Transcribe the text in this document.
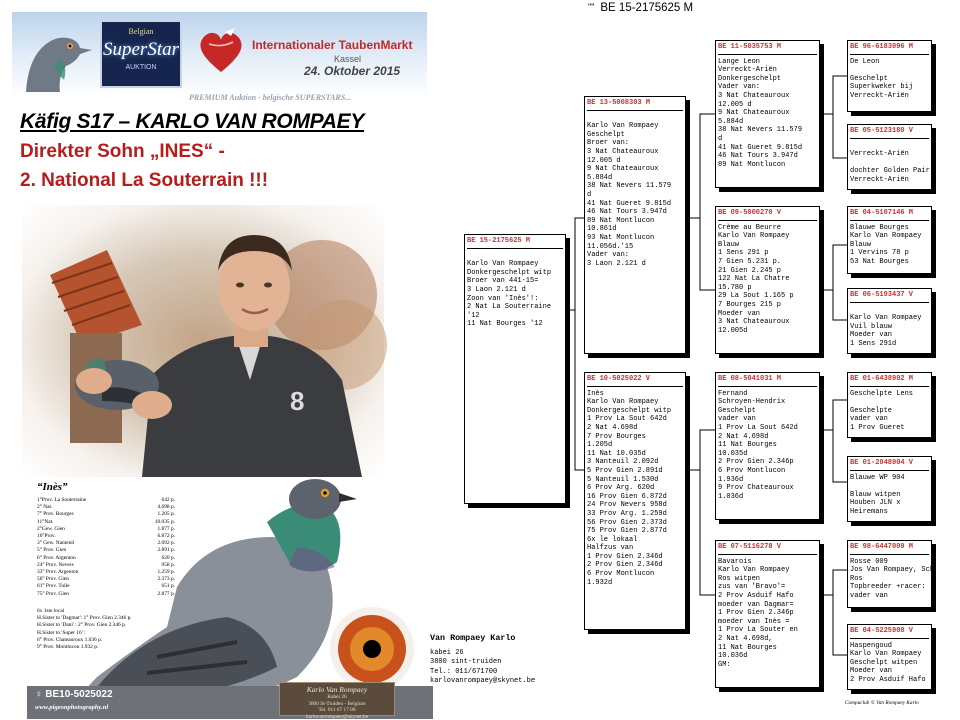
Belgian
SuperStar
AUKTION
Internationaler TaubenMarkt
Kassel
24. Oktober 2015
PREMIUM Auktion - belgische SUPERSTARS...
Käfig S17 – KARLO VAN ROMPAEY
Direkter Sohn „INES“ -
2. National La Souterrain !!!
8
“Inès”
1°Prov. La Souterraine	642 p.
2° Nat.	4.698 p.
7° Prov. Bourges	1.205 p.
11°Nat.	10.035 p.
2°Gew. Gien	1.877 p.
16°Prov.	6.872 p.
3° Gew. Nanteuil	2.092 p.
5° Prov. Gien	2.891 p.
6° Prov. Argenton	620 p.
24° Prov. Nevers	958 p.
33° Prov. Argenton	1.259 p.
56° Prov. Gien	2.373 p.
61° Prov. Tulle	651 p.
75° Prov. Gien	2.877 p.
6x 1ste local
H.Sister to 'Dagmar': 1° Prov. Gien 2.346 p.
H.Sister to 'Dani' : 2° Prov. Gien 2.346 p.
H.Sister to 'Super 16' :
6° Prov. Chateauroux 1.036 p.
9° Prov. Montlucon 1.932 p.
♀ BE10-5025022
www.pigeonphotography.nl
Karlo Van Rompaey
Kabei 26
3800 St-Truiden - Belgium
Tel. 011 67 17 00
karlovanrompaey@skynet.be
"" BE 15-2175625 M
BE 15-2175625 M
Karlo Van Rompaey
Donkergeschelpt witp
Broer van 441-15=
3 Laon 2.121 d
Zoon van 'Inès'!:
2 Nat La Souterraine
'12
11 Nat Bourges '12
BE 13-5008303 M
Karlo Van Rompaey
Geschelpt
Broer van:
3 Nat Chateauroux
12.005 d
9 Nat Chateauroux
5.884d
38 Nat Nevers 11.579
d
41 Nat Gueret 9.815d
46 Nat Tours 3.947d
89 Nat Montlucon
10.861d
93 Nat Montlucon
11.056d.'15
Vader van:
3 Laon 2.121 d
BE 10-5025022 V
Inès
Karlo Van Rompaey
Donkergeschelpt witp
1 Prov La Sout 642d
2 Nat 4.698d
7 Prov Bourges
1.205d
11 Nat 10.035d
3 Nanteuil 2.092d
5 Prov Gien 2.891d
5 Nanteuil 1.530d
6 Prov Arg. 620d
16 Prov Gien 6.872d
24 Prov Nevers 958d
33 Prov Arg. 1.259d
56 Prov Gien 2.373d
75 Prov Gien 2.877d
6x le lokaal
Halfzus van
1 Prov Gien 2.346d
2 Prov Gien 2.346d
6 Prov Montlucon
1.932d
BE 11-5035753 M
Lange Leon
Verreckt-Ariën
Donkergeschelpt
Vader van:
3 Nat Chateauroux
12.005 d
9 Nat Chateauroux
5.884d
38 Nat Nevers 11.579
d
41 Nat Gueret 9.815d
46 Nat Tours 3.947d
89 Nat Montlucon
BE 09-5000270 V
Crème au Beurre
Karlo Van Rompaey
Blauw
1 Sens 291 p
7 Gien 5.231 p.
21 Gien 2.245 p
122 Nat La Chatre
15.780 p
29 La Sout 1.165 p
7 Bourges 215 p
Moeder van
3 Nat Chateauroux
12.005d
BE 08-5041031 M
Fernand
Schroyen-Hendrix
Geschelpt
vader van
1 Prov La Sout 642d
2 Nat 4.698d
11 Nat Bourges
10.035d
2 Prov Gien 2.346p
6 Prov Montlucon
1.936d
9 Prov Chateauroux
1.036d
BE 07-5116278 V
Bavarois
Karlo Van Rompaey
Ros witpen
zus van 'Bravo'=
2 Prov Asduif Hafo
moeder van Dagmar=
1 Prov Gien 2.346p
moeder van Inès =
1 Prov La Souter en
2 Nat 4.698d,
11 Nat Bourges
10.036d
GM:
BE 96-6183096 M
De Leon
Geschelpt
Superkweker bij
Verreckt-Ariën
BE 05-5123180 V
Verreckt-Ariën
dochter Golden Pair
Verreckt-Ariën
BE 04-5107146 M
Blauwe Bourges
Karlo Van Rompaey
Blauw
1 Vervins 78 p
53 Nat Bourges
BE 06-5193437 V
Karlo Van Rompaey
Vuil blauw
Moeder van
1 Sens 291d
BE 01-6438902 M
Geschelpte Lens
Geschelpte
vader van
1 Prov Gueret
BE 01-2048904 V
Blauwe WP 904
Blauw witpen
Houben JLN x
Heiremans
BE 98-6447009 M
Rosse 009
Jos Van Rompaey, Sch
Ros
Topbreeder +racer:
vader van
BE 04-5225908 V
Haspengoud
Karlo Van Rompaey
Geschelpt witpen
Moeder van
2 Prov Asduif Hafo
Van Rompaey Karlo
kabei 26
3800 sint-truiden
Tel.: 011/671700
karlovanrompaey@skynet.be
Compuclub © Van Rompaey Karlo
